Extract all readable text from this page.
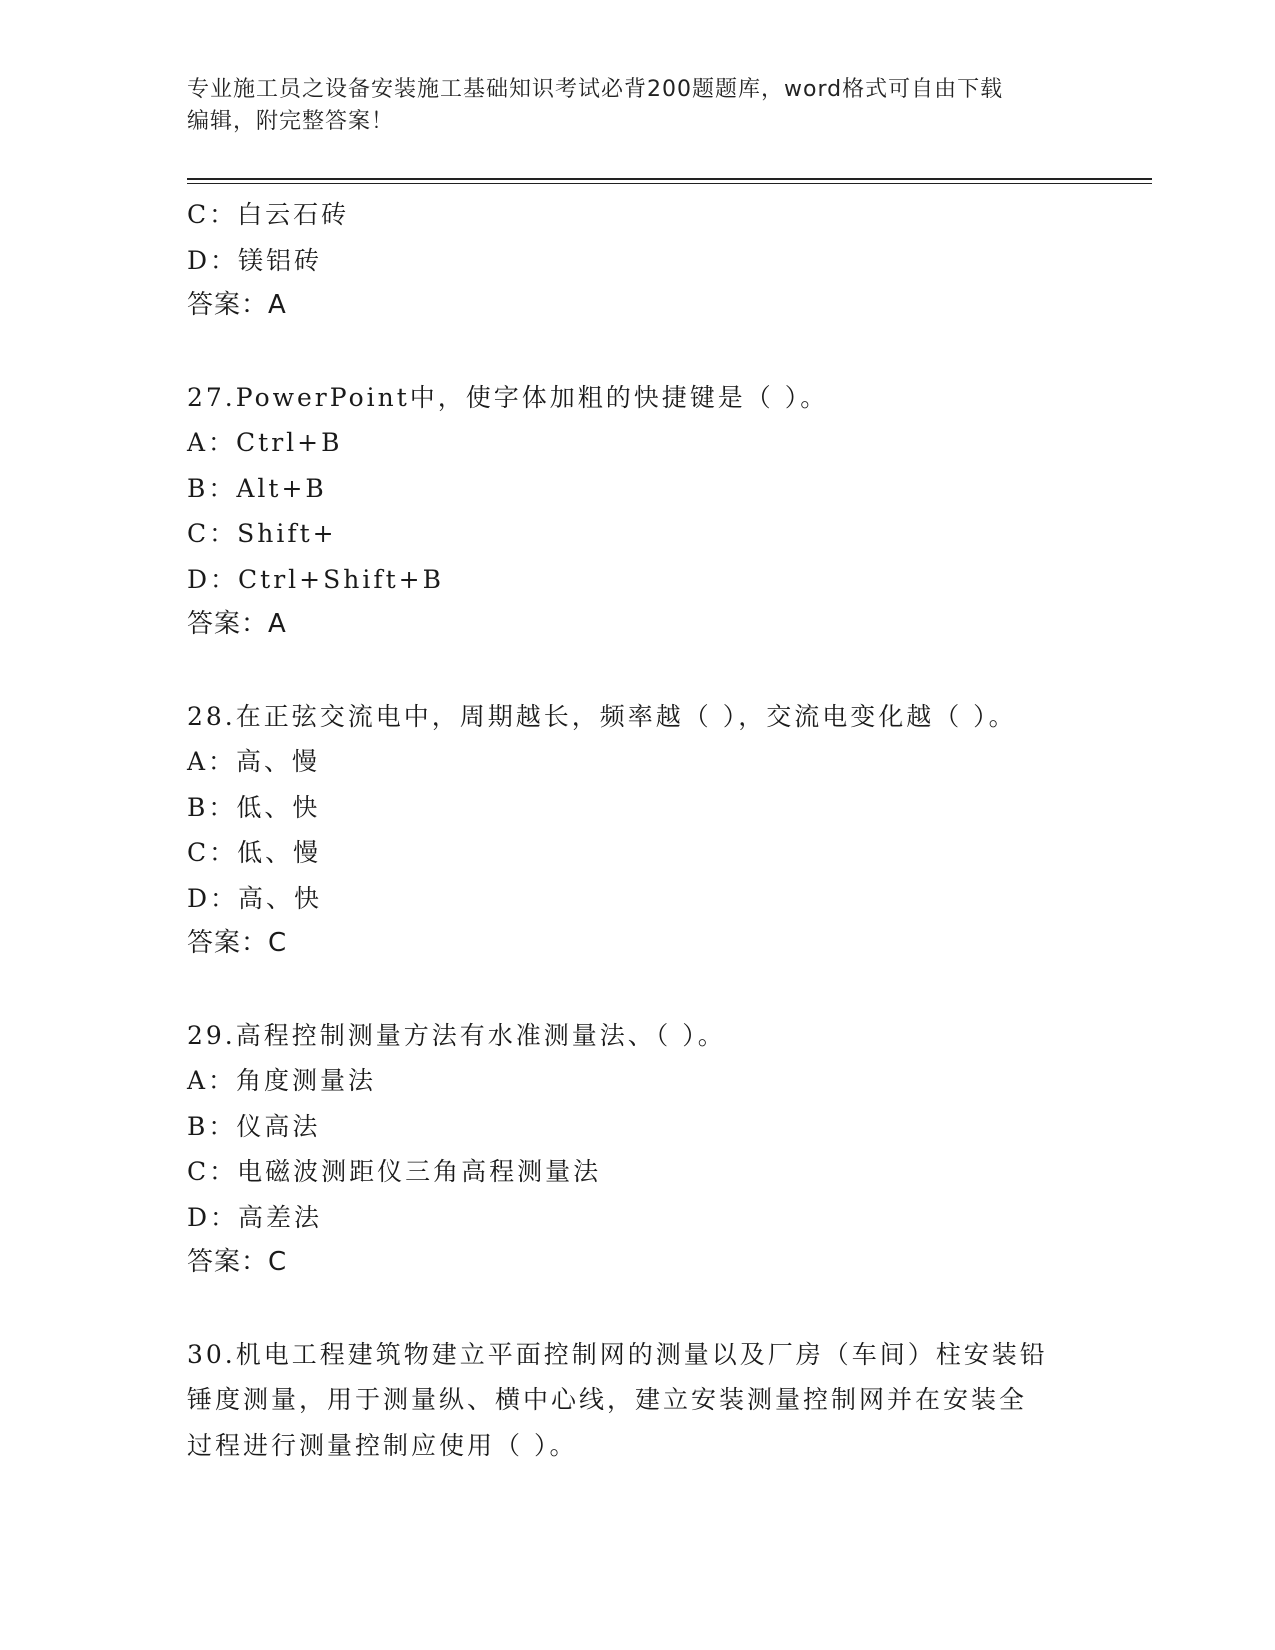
专业施工员之设备安装施工基础知识考试必背200题题库，word格式可自由下载
编辑，附完整答案！
C：白云石砖
D：镁铝砖
答案：A
27.PowerPoint中，使字体加粗的快捷键是（ ）。
A：Ctrl+B
B：Alt+B
C：Shift+
D：Ctrl+Shift+B
答案：A
28.在正弦交流电中，周期越长，频率越（ ），交流电变化越（ ）。
A：高、慢
B：低、快
C：低、慢
D：高、快
答案：C
29.高程控制测量方法有水准测量法、（ ）。
A：角度测量法
B：仪高法
C：电磁波测距仪三角高程测量法
D：高差法
答案：C
30.机电工程建筑物建立平面控制网的测量以及厂房（车间）柱安装铅
锤度测量，用于测量纵、横中心线，建立安装测量控制网并在安装全
过程进行测量控制应使用（ ）。
